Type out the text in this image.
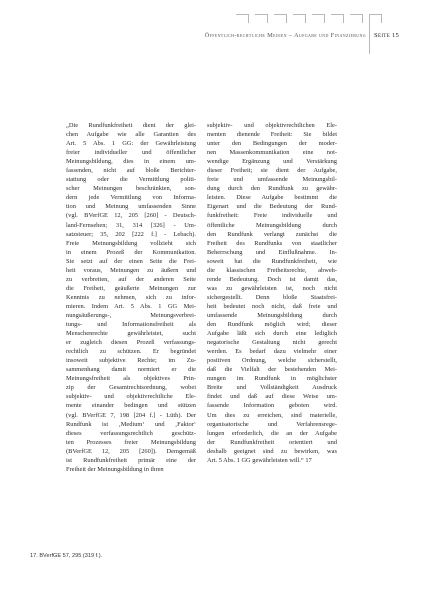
Öffentlich-rechtliche Medien – Aufgabe und Finanzierung Seite 15
„Die Rundfunkfreiheit dient der glei-
chen Aufgabe wie alle Garantien des
Art. 5 Abs. 1 GG: der Gewährleistung
freier individueller und öffentlicher
Meinungsbildung, dies in einem um-
fassenden, nicht auf bloße Berichter-
stattung oder die Vermittlung politi-
scher Meinungen beschränkten, son-
dern jede Vermittlung von Informa-
tion und Meinung umfassenden Sinne
(vgl. BVerfGE 12, 205 [260] - Deutsch-
land-Fernsehen; 31, 314 [326] - Um-
satzsteuer; 35, 202 [222 f.] - Lebach).
Freie Meinungsbildung vollzieht sich
in einem Prozeß der Kommunikation.
Sie setzt auf der einen Seite die Frei-
heit voraus, Meinungen zu äußern und
zu verbreiten, auf der anderen Seite
die Freiheit, geäußerte Meinungen zur
Kenntnis zu nehmen, sich zu infor-
mieren. Indem Art. 5 Abs. 1 GG Mei-
nungsäußerungs-, Meinungsverbrei-
tungs- und Informationsfreiheit als
Menschenrechte gewährleistet, sucht
er zugleich diesen Prozeß verfassungs-
rechtlich zu schützen. Er begründet
insoweit subjektive Rechte; im Zu-
sammenhang damit normiert er die
Meinungsfreiheit als objektives Prin-
zip der Gesamtrechtsordnung, wobei
subjektiv- und objektivrechtliche Ele-
mente einander bedingen und stützen
(vgl. BVerfGE 7, 198 [204 f.] - Lüth). Der
Rundfunk ist ‚Medium‘ und ‚Faktor‘
dieses verfassungsrechtlich geschütz-
ten Prozesses freier Meinungsbildung
(BVerfGE 12, 205 [260]). Demgemäß
ist Rundfunkfreiheit primär eine der
Freiheit der Meinungsbildung in ihren
subjektiv- und objektivrechtlichen Ele-
menten dienende Freiheit: Sie bildet
unter den Bedingungen der moder-
nen Massenkommunikation eine not-
wendige Ergänzung und Verstärkung
dieser Freiheit; sie dient der Aufgabe,
freie und umfassende Meinungsbil-
dung durch den Rundfunk zu gewähr-
leisten. Diese Aufgabe bestimmt die
Eigenart und die Bedeutung der Rund-
funkfreiheit: Freie individuelle und
öffentliche Meinungsbildung durch
den Rundfunk verlangt zunächst die
Freiheit des Rundfunks von staatlicher
Beherrschung und Einflußnahme. In-
soweit hat die Rundfunkfreiheit, wie
die klassischen Freiheitsrechte, abweh-
rende Bedeutung. Doch ist damit das,
was zu gewährleisten ist, noch nicht
sichergestellt. Denn bloße Staatsfrei-
heit bedeutet noch nicht, daß freie und
umfassende Meinungsbildung durch
den Rundfunk möglich wird; dieser
Aufgabe läßt sich durch eine lediglich
negatorische Gestaltung nicht gerecht
werden. Es bedarf dazu vielmehr einer
positiven Ordnung, welche sicherstellt,
daß die Vielfalt der bestehenden Mei-
nungen im Rundfunk in möglichster
Breite und Vollständigkeit Ausdruck
findet und daß auf diese Weise um-
fassende Information geboten wird.
Um dies zu erreichen, sind materielle,
organisatorische und Verfahrensrege-
lungen erforderlich, die an der Aufgabe
der Rundfunkfreiheit orientiert und
deshalb geeignet sind zu bewirken, was
Art. 5 Abs. 1 GG gewährleisten will.“ 17
17. BVerfGE 57, 295 (319 f.).
